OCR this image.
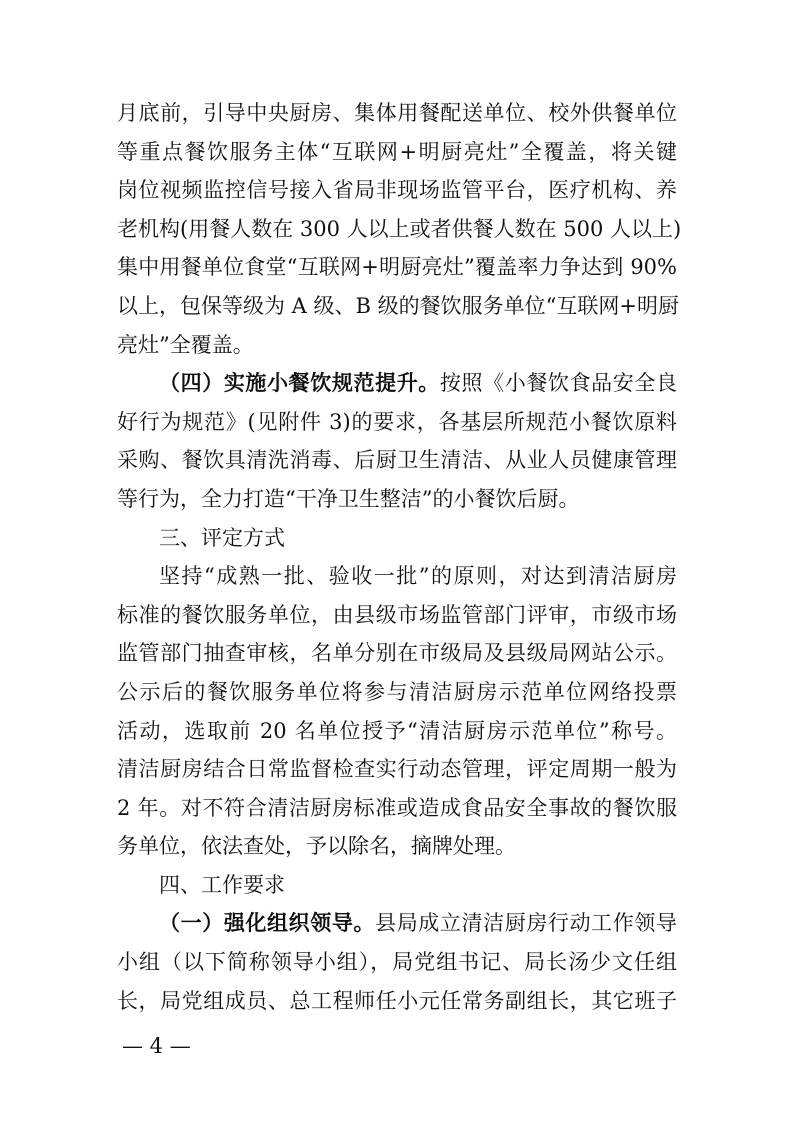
月底前，引导中央厨房、集体用餐配送单位、校外供餐单位
等重点餐饮服务主体“互联网+明厨亮灶”全覆盖，将关键
岗位视频监控信号接入省局非现场监管平台，医疗机构、养
老机构(用餐人数在 300 人以上或者供餐人数在 500 人以上)
集中用餐单位食堂“互联网+明厨亮灶”覆盖率力争达到 90%
以上，包保等级为 A 级、B 级的餐饮服务单位“互联网+明厨
亮灶”全覆盖。
（四）实施小餐饮规范提升。按照《小餐饮食品安全良
好行为规范》(见附件 3)的要求，各基层所规范小餐饮原料
采购、餐饮具清洗消毒、后厨卫生清洁、从业人员健康管理
等行为，全力打造“干净卫生整洁”的小餐饮后厨。
三、评定方式
坚持“成熟一批、验收一批”的原则，对达到清洁厨房
标准的餐饮服务单位，由县级市场监管部门评审，市级市场
监管部门抽查审核，名单分别在市级局及县级局网站公示。
公示后的餐饮服务单位将参与清洁厨房示范单位网络投票
活动，选取前 20 名单位授予“清洁厨房示范单位”称号。
清洁厨房结合日常监督检查实行动态管理，评定周期一般为
2 年。对不符合清洁厨房标准或造成食品安全事故的餐饮服
务单位，依法查处，予以除名，摘牌处理。
四、工作要求
（一）强化组织领导。县局成立清洁厨房行动工作领导
小组（以下简称领导小组），局党组书记、局长汤少文任组
长，局党组成员、总工程师任小元任常务副组长，其它班子
— 4 —
